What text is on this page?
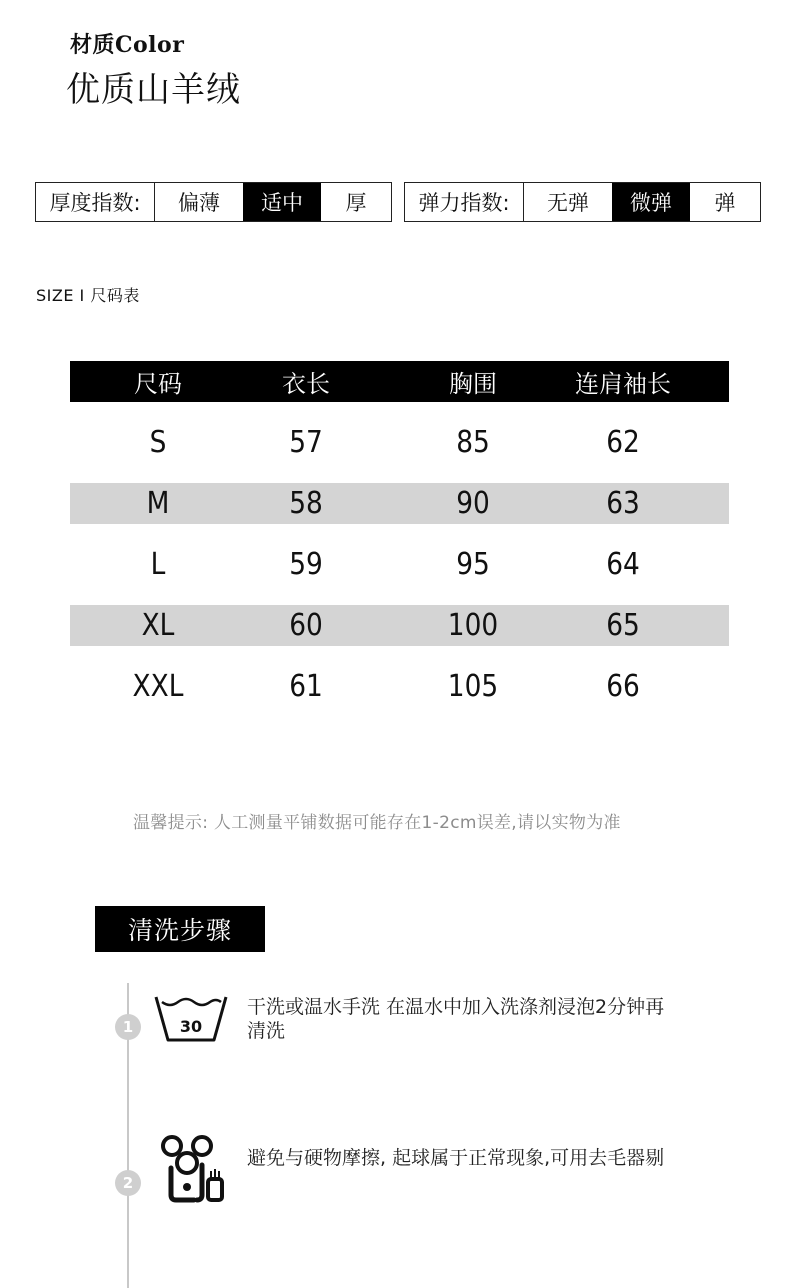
材质Color
优质山羊绒
厚度指数:	偏薄	适中	厚	弹力指数:	无弹	微弹	弹
SIZE I 尺码表
尺码	衣长	胸围	连肩袖长
S	57	85	62
M	58	90	63
L	59	95	64
XL	60	100	65
XXL	61	105	66
温馨提示: 人工测量平铺数据可能存在1-2cm误差,请以实物为准
清洗步骤
1	30
干洗或温水手洗 在温水中加入洗涤剂浸泡2分钟再清洗
2
避免与硬物摩擦, 起球属于正常现象,可用去毛器剔
